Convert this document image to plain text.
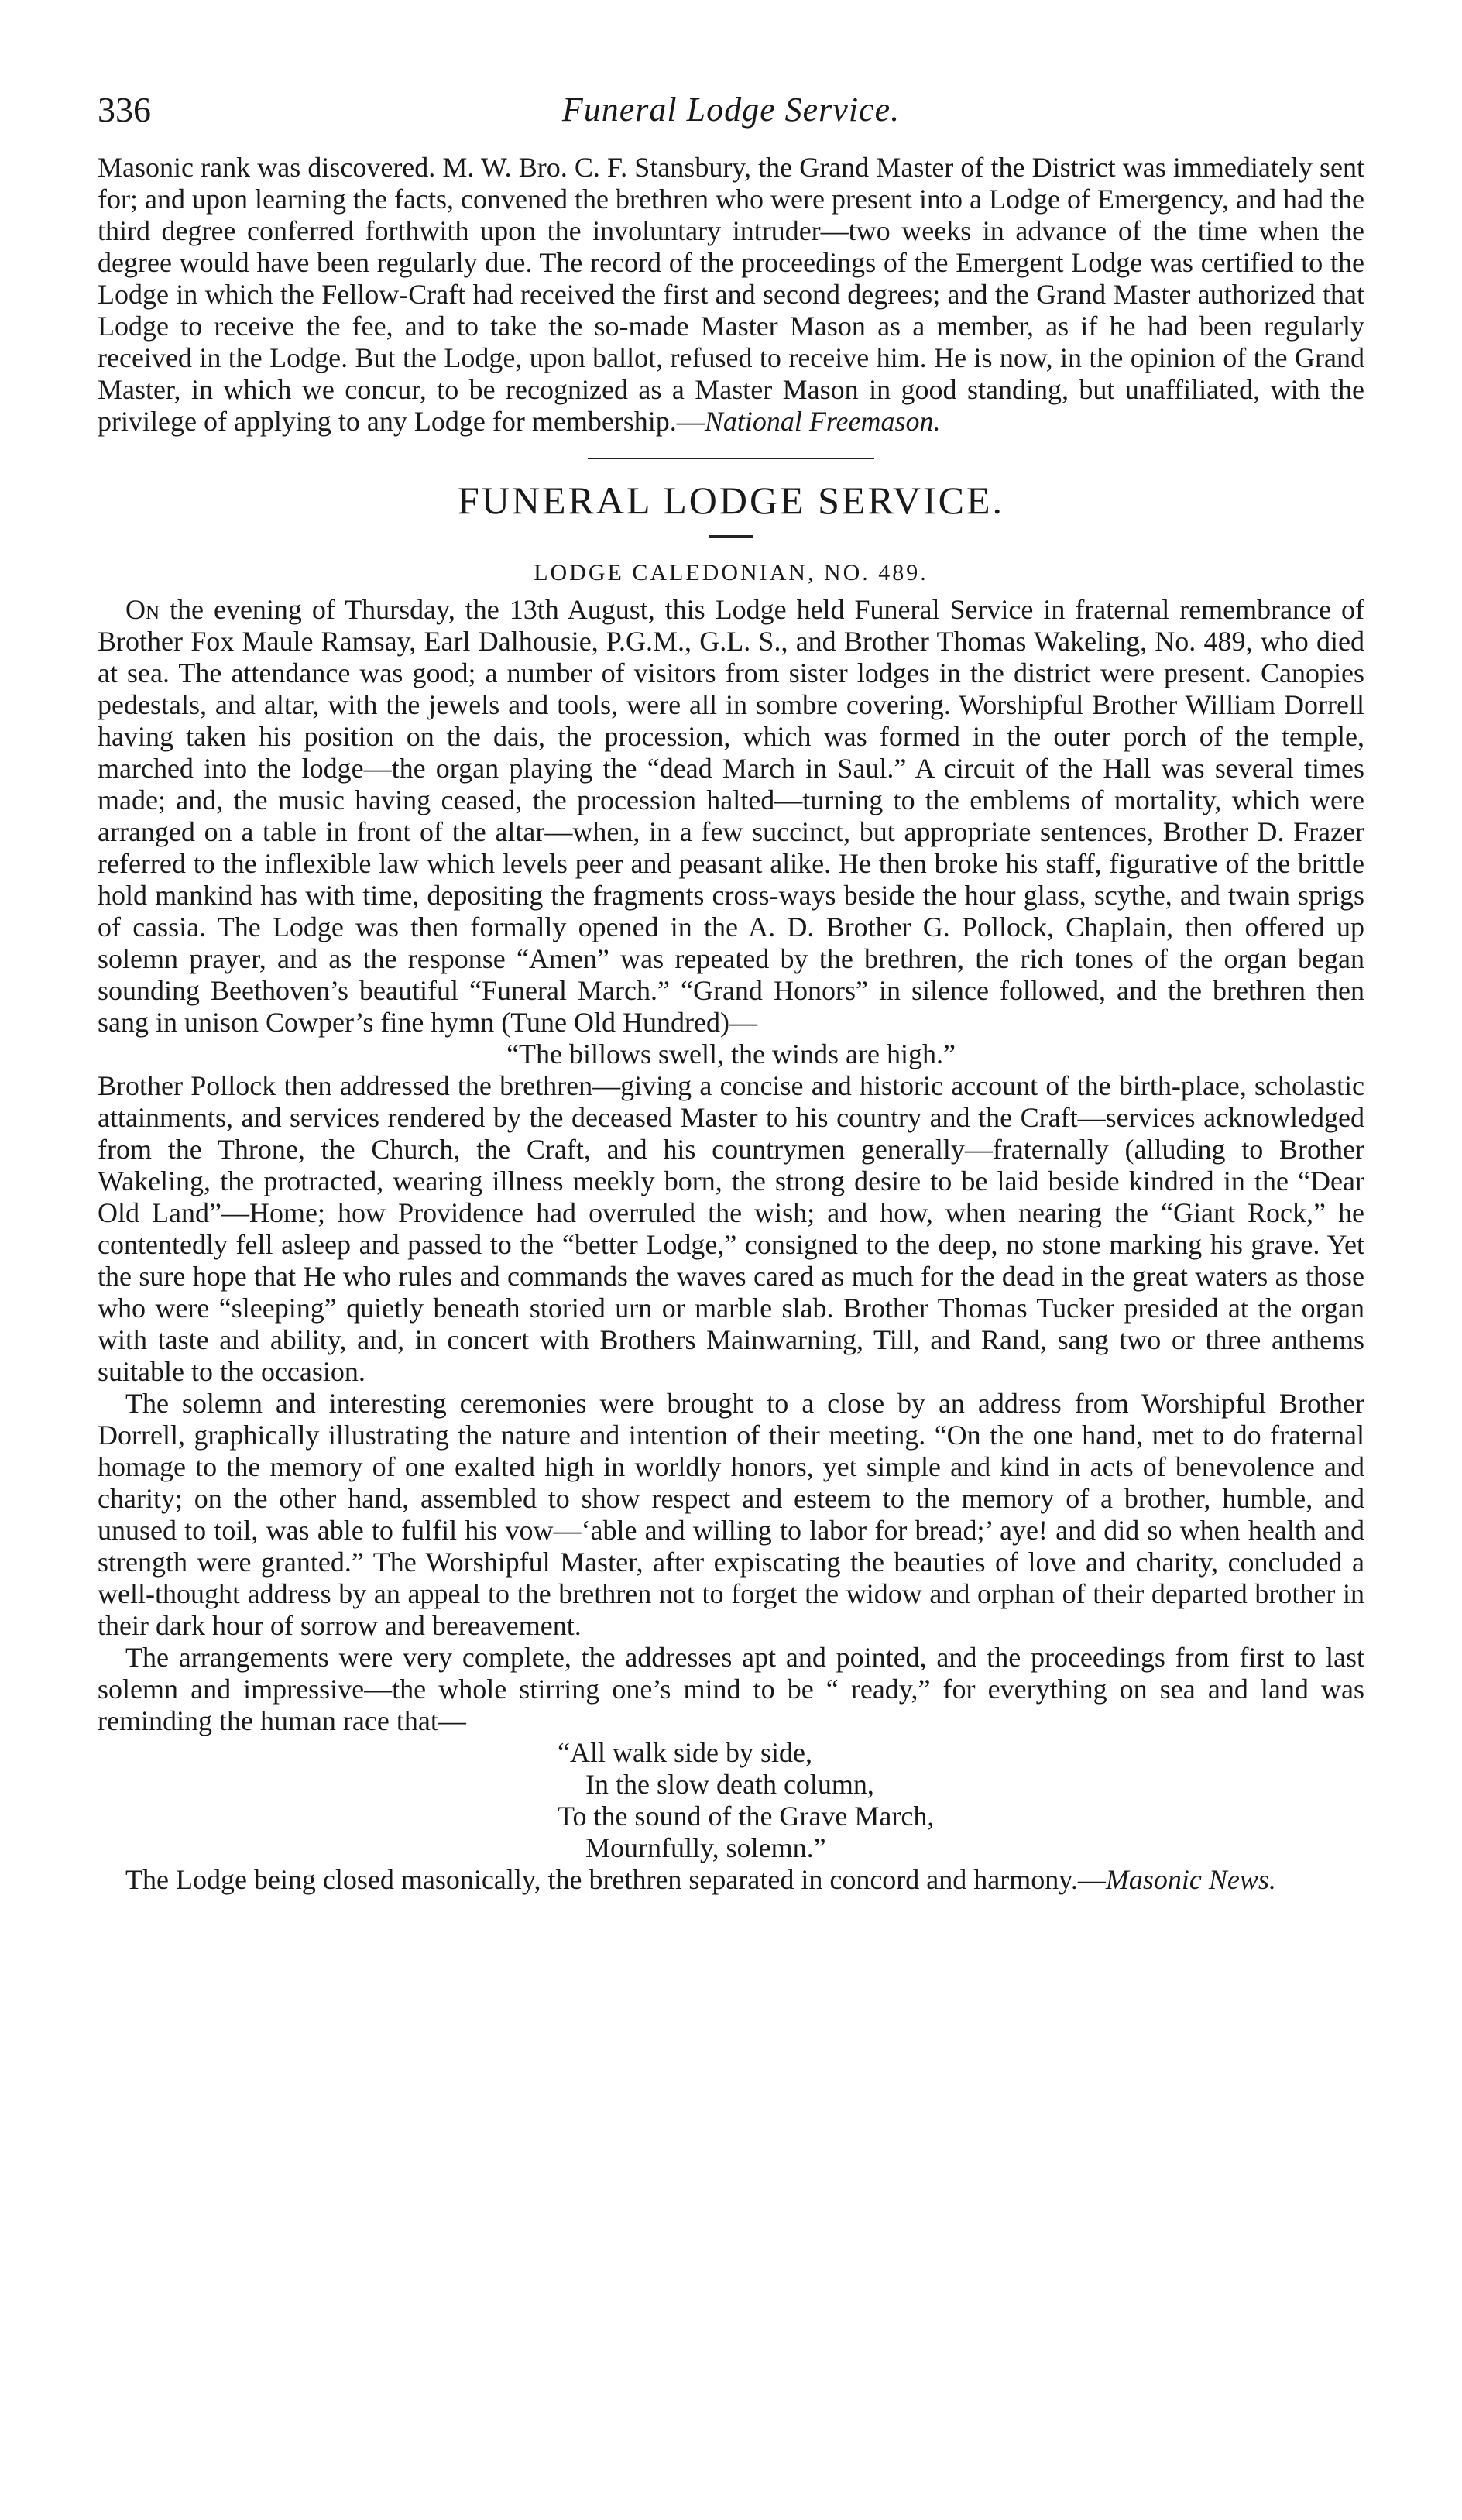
336	Funeral Lodge Service.

Masonic rank was discovered. M. W. Bro. C. F. Stansbury, the Grand Master of the District was immediately sent for; and upon learning the facts, convened the brethren who were present into a Lodge of Emergency, and had the third degree conferred forthwith upon the involuntary intruder—two weeks in advance of the time when the degree would have been regularly due. The record of the proceedings of the Emergent Lodge was certified to the Lodge in which the Fellow-Craft had received the first and second degrees; and the Grand Master authorized that Lodge to receive the fee, and to take the so-made Master Mason as a member, as if he had been regularly received in the Lodge. But the Lodge, upon ballot, refused to receive him. He is now, in the opinion of the Grand Master, in which we concur, to be recognized as a Master Mason in good standing, but unaffiliated, with the privilege of applying to any Lodge for membership.—National Freemason.

FUNERAL LODGE SERVICE.
LODGE CALEDONIAN, NO. 489.

On the evening of Thursday, the 13th August, this Lodge held Funeral Service in fraternal remembrance of Brother Fox Maule Ramsay, Earl Dalhousie, P.G.M., G.L. S., and Brother Thomas Wakeling, No. 489, who died at sea. The attendance was good; a number of visitors from sister lodges in the district were present. Canopies pedestals, and altar, with the jewels and tools, were all in sombre covering. Worshipful Brother William Dorrell having taken his position on the dais, the procession, which was formed in the outer porch of the temple, marched into the lodge—the organ playing the “dead March in Saul.” A circuit of the Hall was several times made; and, the music having ceased, the procession halted—turning to the emblems of mortality, which were arranged on a table in front of the altar—when, in a few succinct, but appropriate sentences, Brother D. Frazer referred to the inflexible law which levels peer and peasant alike. He then broke his staff, figurative of the brittle hold mankind has with time, depositing the fragments cross-ways beside the hour glass, scythe, and twain sprigs of cassia. The Lodge was then formally opened in the A. D. Brother G. Pollock, Chaplain, then offered up solemn prayer, and as the response “Amen” was repeated by the brethren, the rich tones of the organ began sounding Beethoven’s beautiful “Funeral March.” “Grand Honors” in silence followed, and the brethren then sang in unison Cowper’s fine hymn (Tune Old Hundred)—

“The billows swell, the winds are high.”

Brother Pollock then addressed the brethren—giving a concise and historic account of the birth-place, scholastic attainments, and services rendered by the deceased Master to his country and the Craft—services acknowledged from the Throne, the Church, the Craft, and his countrymen generally—fraternally (alluding to Brother Wakeling, the protracted, wearing illness meekly born, the strong desire to be laid beside kindred in the “Dear Old Land”—Home; how Providence had overruled the wish; and how, when nearing the “Giant Rock,” he contentedly fell asleep and passed to the “better Lodge,” consigned to the deep, no stone marking his grave. Yet the sure hope that He who rules and commands the waves cared as much for the dead in the great waters as those who were “sleeping” quietly beneath storied urn or marble slab. Brother Thomas Tucker presided at the organ with taste and ability, and, in concert with Brothers Mainwarning, Till, and Rand, sang two or three anthems suitable to the occasion.

The solemn and interesting ceremonies were brought to a close by an address from Worshipful Brother Dorrell, graphically illustrating the nature and intention of their meeting. “On the one hand, met to do fraternal homage to the memory of one exalted high in worldly honors, yet simple and kind in acts of benevolence and charity; on the other hand, assembled to show respect and esteem to the memory of a brother, humble, and unused to toil, was able to fulfil his vow—‘able and willing to labor for bread;’ aye! and did so when health and strength were granted.” The Worshipful Master, after expiscating the beauties of love and charity, concluded a well-thought address by an appeal to the brethren not to forget the widow and orphan of their departed brother in their dark hour of sorrow and bereavement.

The arrangements were very complete, the addresses apt and pointed, and the proceedings from first to last solemn and impressive—the whole stirring one’s mind to be “ ready,” for everything on sea and land was reminding the human race that—

“All walk side by side,
In the slow death column,
To the sound of the Grave March,
Mournfully, solemn.”

The Lodge being closed masonically, the brethren separated in concord and harmony.—Masonic News.
